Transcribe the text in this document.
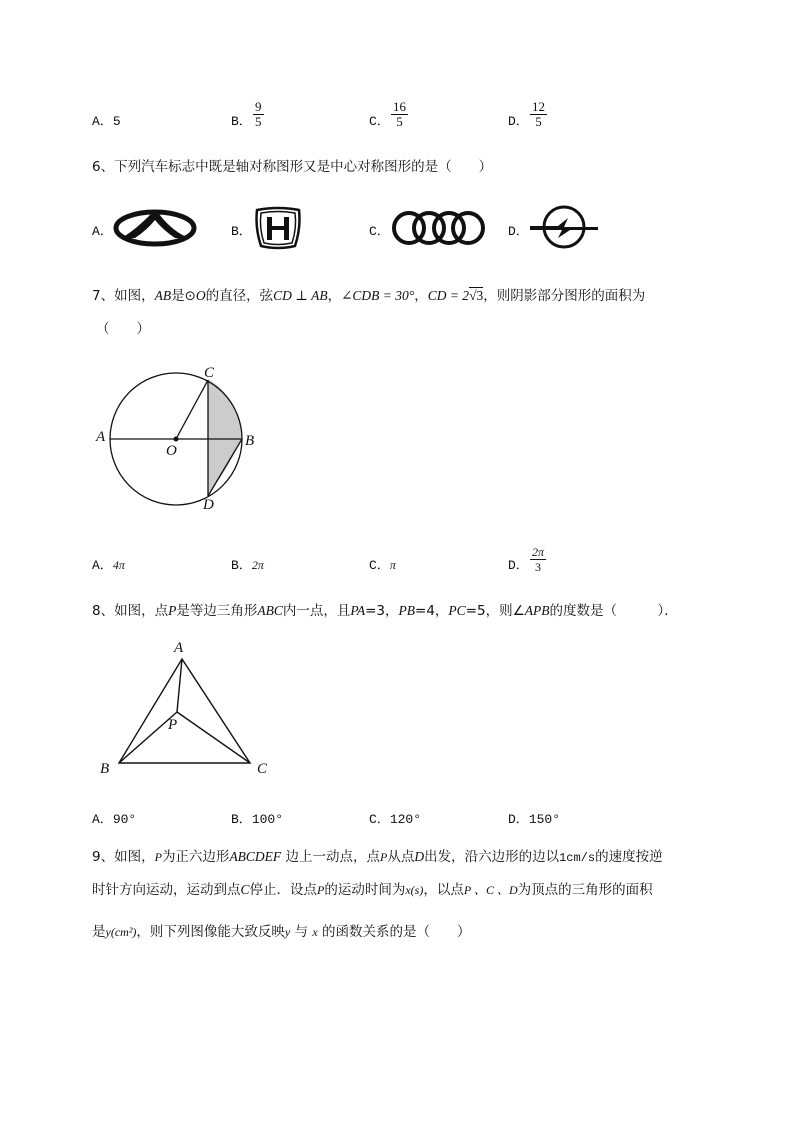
A．5	B． $\frac{9}{5}$	C． $\frac{16}{5}$	D． $\frac{12}{5}$
6、下列汽车标志中既是轴对称图形又是中心对称图形的是（　　）
A．	B．	C．	D．
7、如图，AB是⊙O的直径，弦CD ⊥ AB，∠CDB = 30°，CD = 2√3，则阴影部分图形的面积为
（　　）
A	B
C
D
O
A．4π	B．2π	C．π	D． $\frac{2\pi}{3}$
8、如图，点P是等边三角形ABC内一点，且PA=3，PB=4，PC=5，则∠APB的度数是（　　　）．
A
B	C
P
A．90°	B．100°	C．120°	D．150°
9、如图，P为正六边形ABCDEF 边上一动点，点P从点D出发，沿六边形的边以1cm/s的速度按逆
时针方向运动，运动到点C停止．设点P的运动时间为x(s)，以点P 、C 、D为顶点的三角形的面积
是y(cm²)，则下列图像能大致反映y 与 x 的函数关系的是（　　）
